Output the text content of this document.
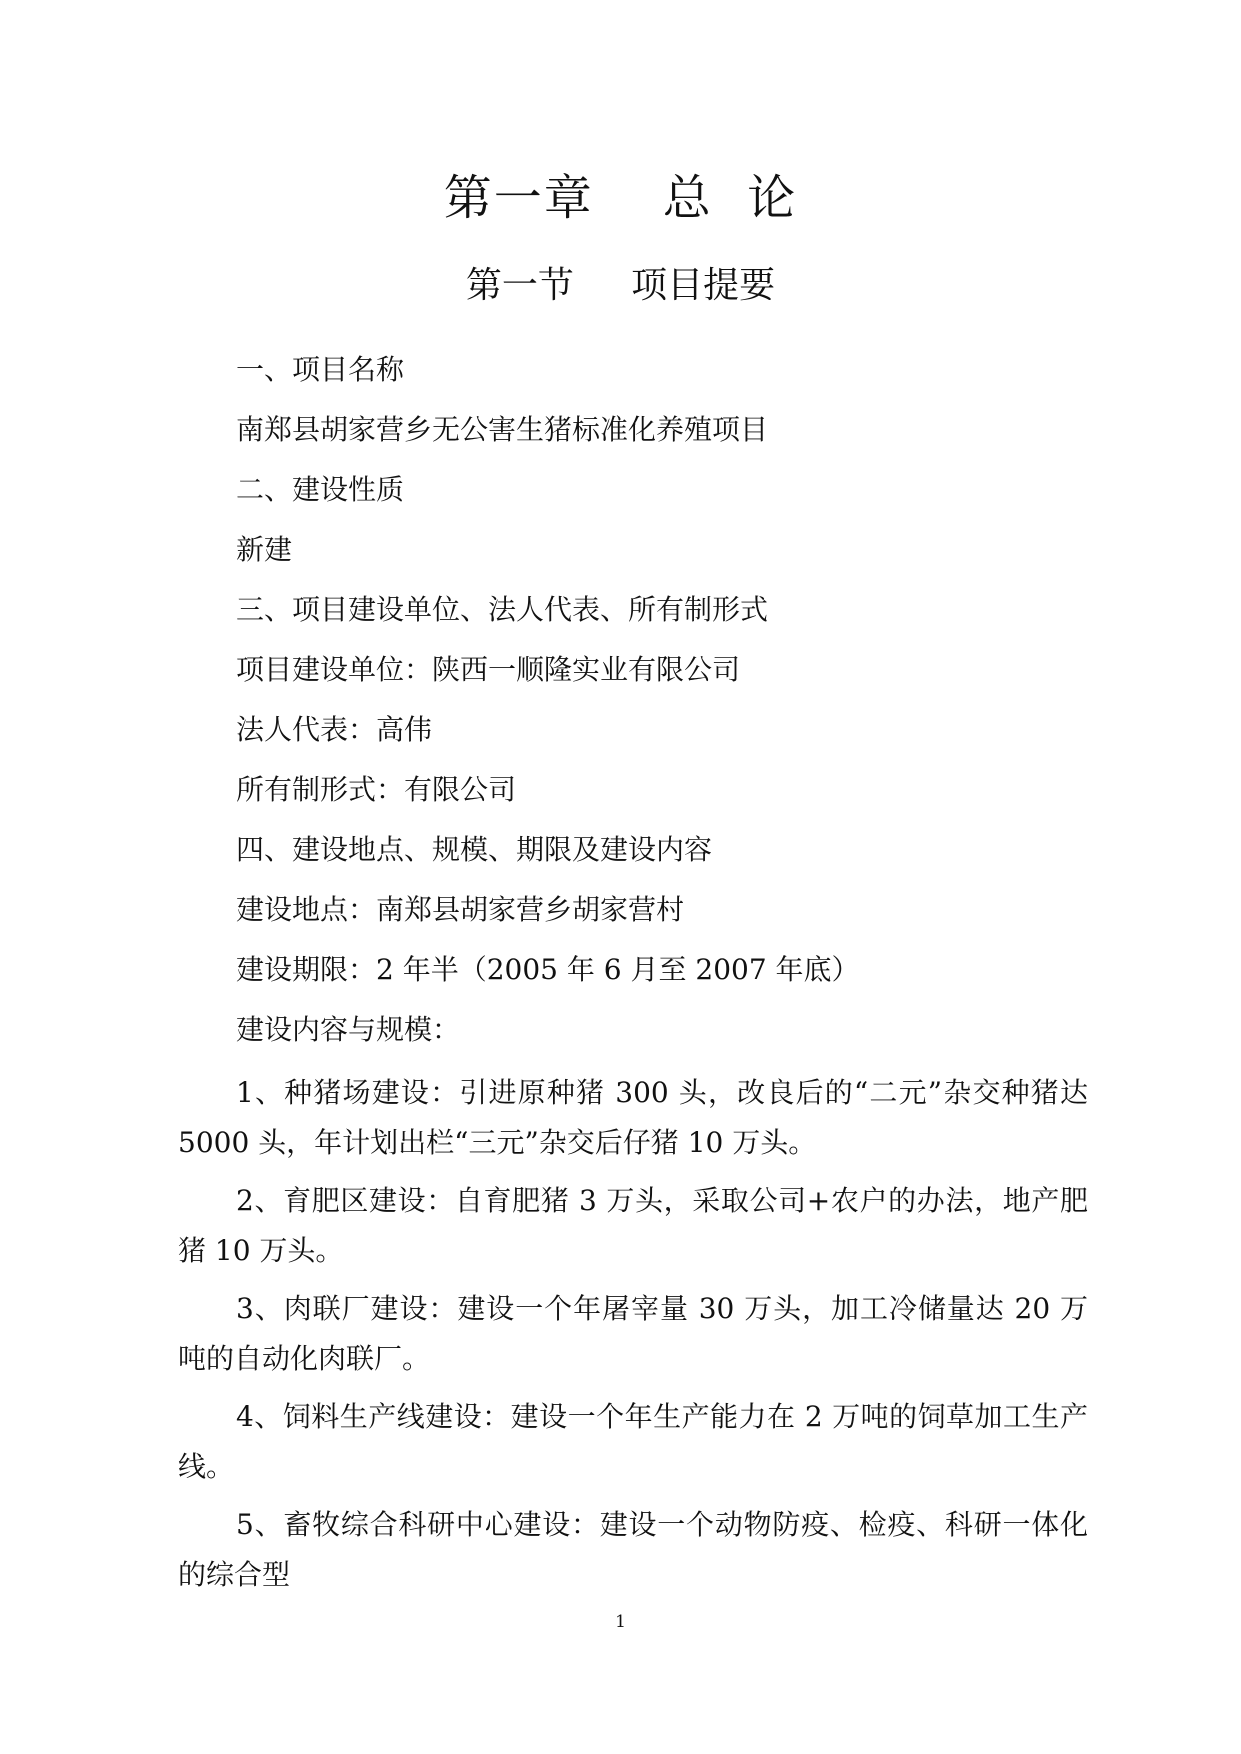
第一章    总  论
第一节     项目提要
一、项目名称
南郑县胡家营乡无公害生猪标准化养殖项目
二、建设性质
新建
三、项目建设单位、法人代表、所有制形式
项目建设单位：陕西一顺隆实业有限公司
法人代表：高伟
所有制形式：有限公司
四、建设地点、规模、期限及建设内容
建设地点：南郑县胡家营乡胡家营村
建设期限：2 年半（2005 年 6 月至 2007 年底）
建设内容与规模：
1、种猪场建设：引进原种猪 300 头，改良后的“二元”杂交种猪达 5000 头，年计划出栏“三元”杂交后仔猪 10 万头。
2、育肥区建设：自育肥猪 3 万头，采取公司+农户的办法，地产肥猪 10 万头。
3、肉联厂建设：建设一个年屠宰量 30 万头，加工冷储量达 20 万吨的自动化肉联厂。
4、饲料生产线建设：建设一个年生产能力在 2 万吨的饲草加工生产线。
5、畜牧综合科研中心建设：建设一个动物防疫、检疫、科研一体化的综合型
1
